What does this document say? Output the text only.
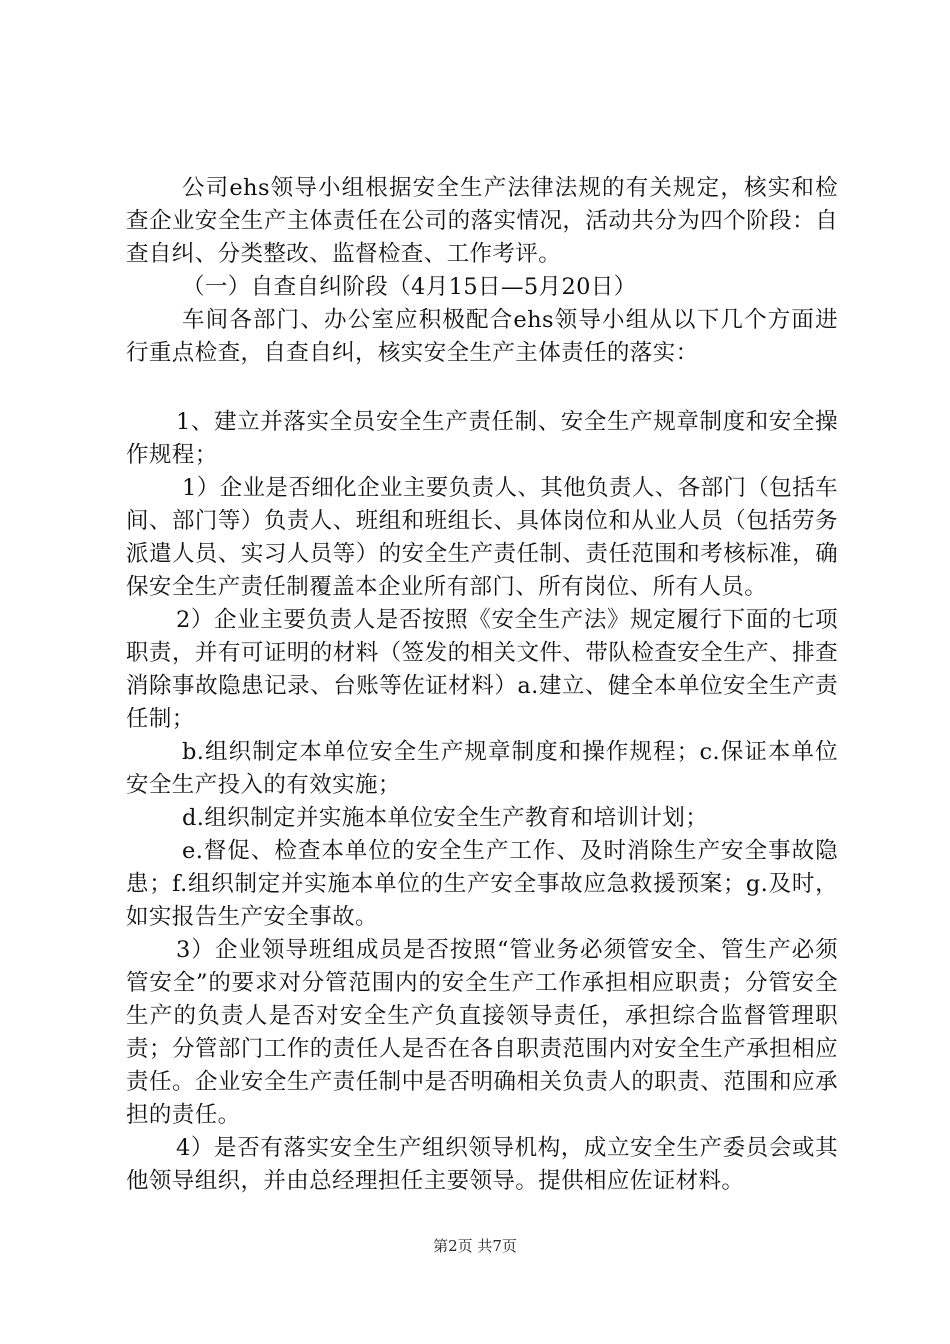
公司ehs领导小组根据安全生产法律法规的有关规定，核实和检查企业安全生产主体责任在公司的落实情况，活动共分为四个阶段：自查自纠、分类整改、监督检查、工作考评。

（一）自查自纠阶段（4月15日—5月20日）

车间各部门、办公室应积极配合ehs领导小组从以下几个方面进行重点检查，自查自纠，核实安全生产主体责任的落实：

1、建立并落实全员安全生产责任制、安全生产规章制度和安全操作规程；

1）企业是否细化企业主要负责人、其他负责人、各部门（包括车间、部门等）负责人、班组和班组长、具体岗位和从业人员（包括劳务派遣人员、实习人员等）的安全生产责任制、责任范围和考核标准，确保安全生产责任制覆盖本企业所有部门、所有岗位、所有人员。

2）企业主要负责人是否按照《安全生产法》规定履行下面的七项职责，并有可证明的材料（签发的相关文件、带队检查安全生产、排查消除事故隐患记录、台账等佐证材料）a.建立、健全本单位安全生产责任制；

b.组织制定本单位安全生产规章制度和操作规程；c.保证本单位安全生产投入的有效实施；

d.组织制定并实施本单位安全生产教育和培训计划；

e.督促、检查本单位的安全生产工作、及时消除生产安全事故隐患；f.组织制定并实施本单位的生产安全事故应急救援预案；g.及时，如实报告生产安全事故。

3）企业领导班组成员是否按照“管业务必须管安全、管生产必须管安全”的要求对分管范围内的安全生产工作承担相应职责；分管安全生产的负责人是否对安全生产负直接领导责任，承担综合监督管理职责；分管部门工作的责任人是否在各自职责范围内对安全生产承担相应责任。企业安全生产责任制中是否明确相关负责人的职责、范围和应承担的责任。

4）是否有落实安全生产组织领导机构，成立安全生产委员会或其他领导组织，并由总经理担任主要领导。提供相应佐证材料。

第2页 共7页
